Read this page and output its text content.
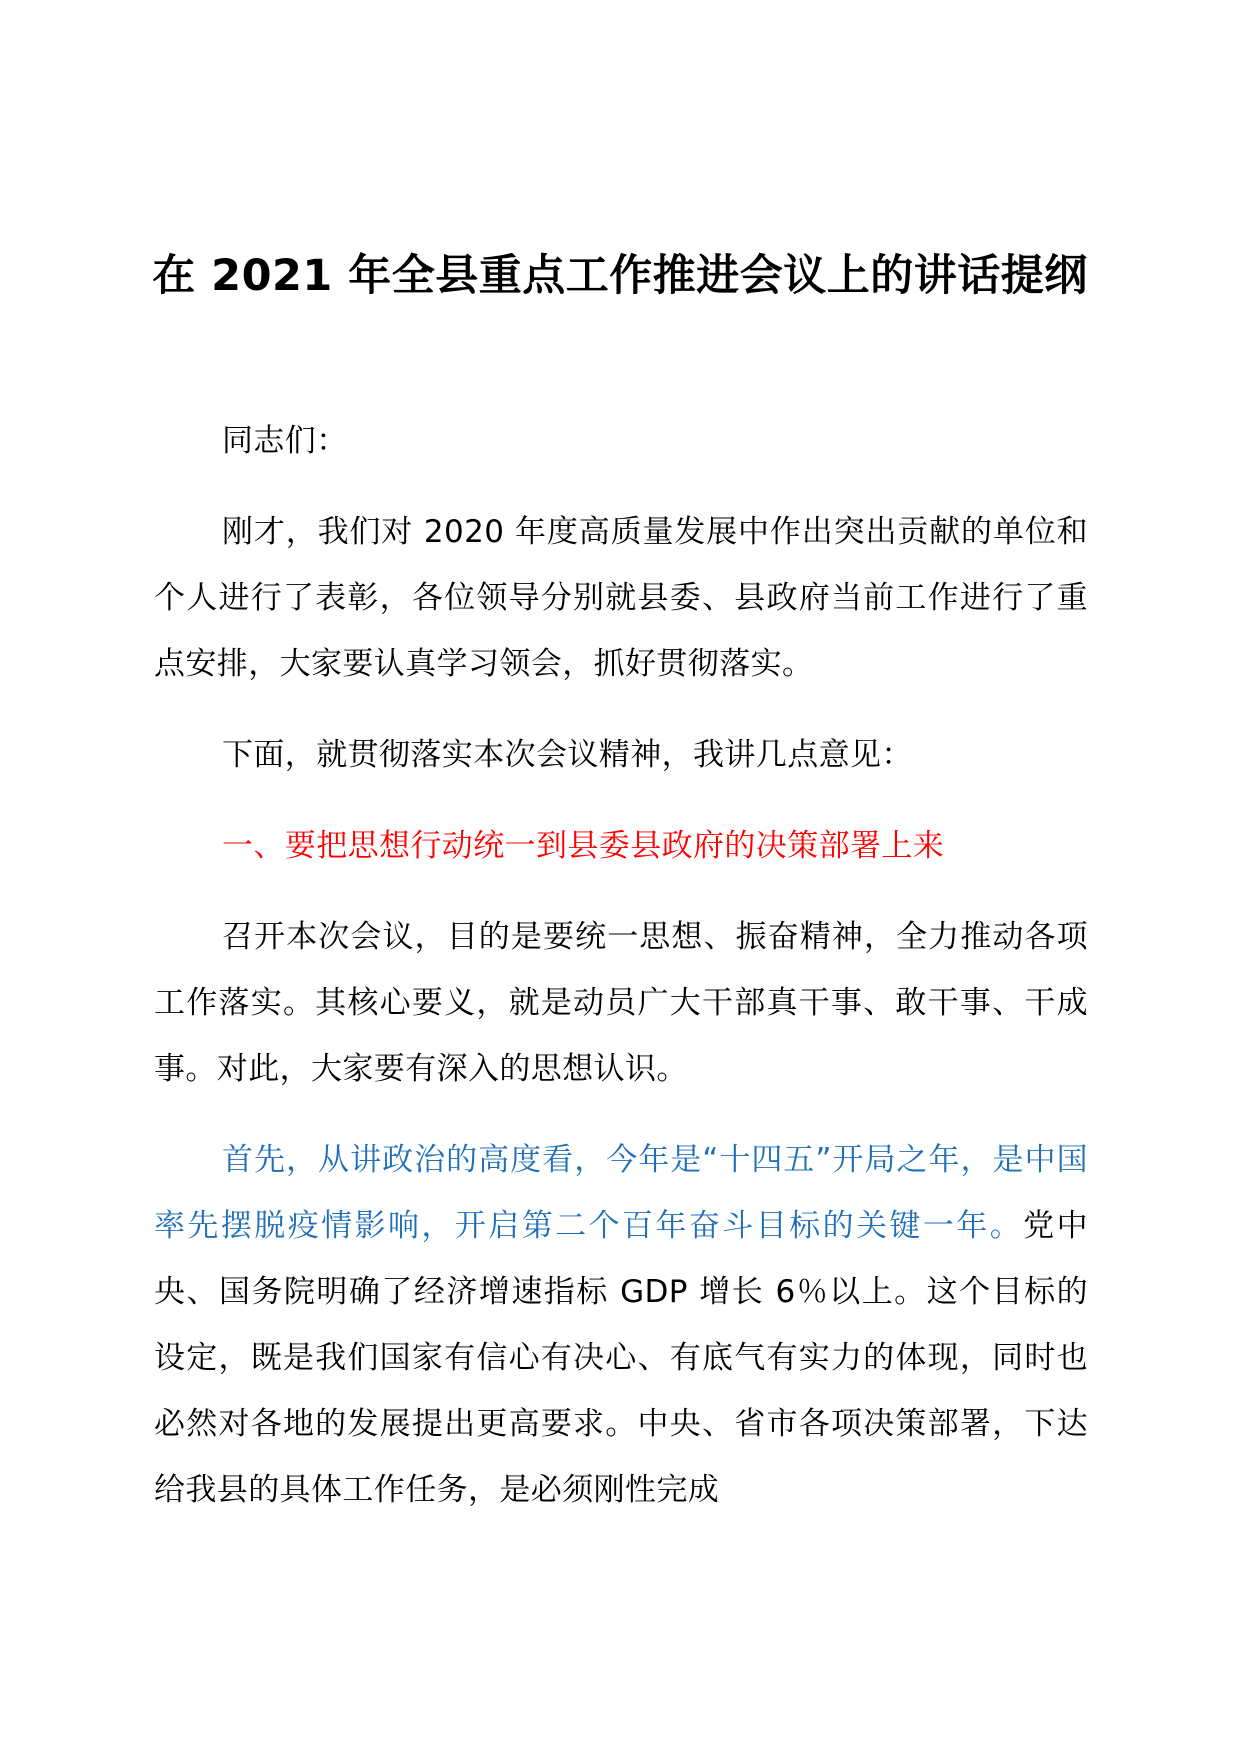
在 2021 年全县重点工作推进会议上的讲话提纲

同志们：

刚才，我们对 2020 年度高质量发展中作出突出贡献的单位和个人进行了表彰，各位领导分别就县委、县政府当前工作进行了重点安排，大家要认真学习领会，抓好贯彻落实。

下面，就贯彻落实本次会议精神，我讲几点意见：

一、要把思想行动统一到县委县政府的决策部署上来

召开本次会议，目的是要统一思想、振奋精神，全力推动各项工作落实。其核心要义，就是动员广大干部真干事、敢干事、干成事。对此，大家要有深入的思想认识。

首先，从讲政治的高度看，今年是“十四五”开局之年，是中国率先摆脱疫情影响，开启第二个百年奋斗目标的关键一年。党中央、国务院明确了经济增速指标 GDP 增长 6％以上。这个目标的设定，既是我们国家有信心有决心、有底气有实力的体现，同时也必然对各地的发展提出更高要求。中央、省市各项决策部署，下达给我县的具体工作任务，是必须刚性完成
